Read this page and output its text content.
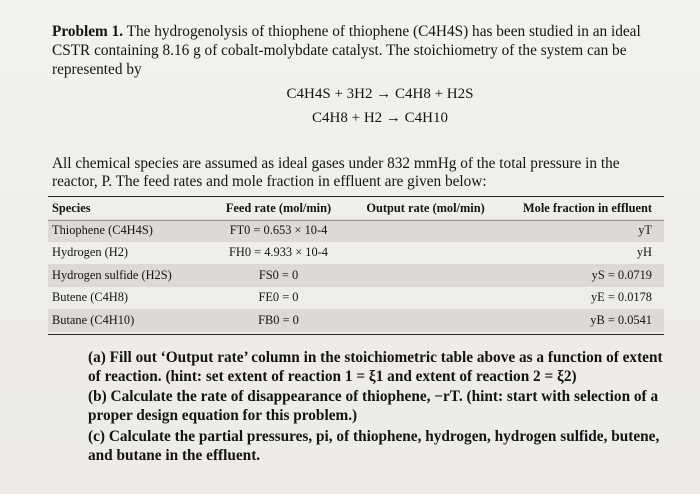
Problem 1. The hydrogenolysis of thiophene of thiophene (C4H4S) has been studied in an ideal CSTR containing 8.16 g of cobalt-molybdate catalyst. The stoichiometry of the system can be represented by
C4H4S + 3H2 → C4H8 + H2S
C4H8 + H2 → C4H10
All chemical species are assumed as ideal gases under 832 mmHg of the total pressure in the reactor, P. The feed rates and mole fraction in effluent are given below:
Species	Feed rate (mol/min)	Output rate (mol/min)	Mole fraction in effluent
Thiophene (C4H4S)	FT0 = 0.653 × 10-4		yT
Hydrogen (H2)	FH0 = 4.933 × 10-4		yH
Hydrogen sulfide (H2S)	FS0 = 0		yS = 0.0719
Butene (C4H8)	FE0 = 0		yE = 0.0178
Butane (C4H10)	FB0 = 0		yB = 0.0541
(a) Fill out ‘Output rate’ column in the stoichiometric table above as a function of extent of reaction. (hint: set extent of reaction 1 = ξ1 and extent of reaction 2 = ξ2)
(b) Calculate the rate of disappearance of thiophene, −rT. (hint: start with selection of a proper design equation for this problem.)
(c) Calculate the partial pressures, pi, of thiophene, hydrogen, hydrogen sulfide, butene, and butane in the effluent.
